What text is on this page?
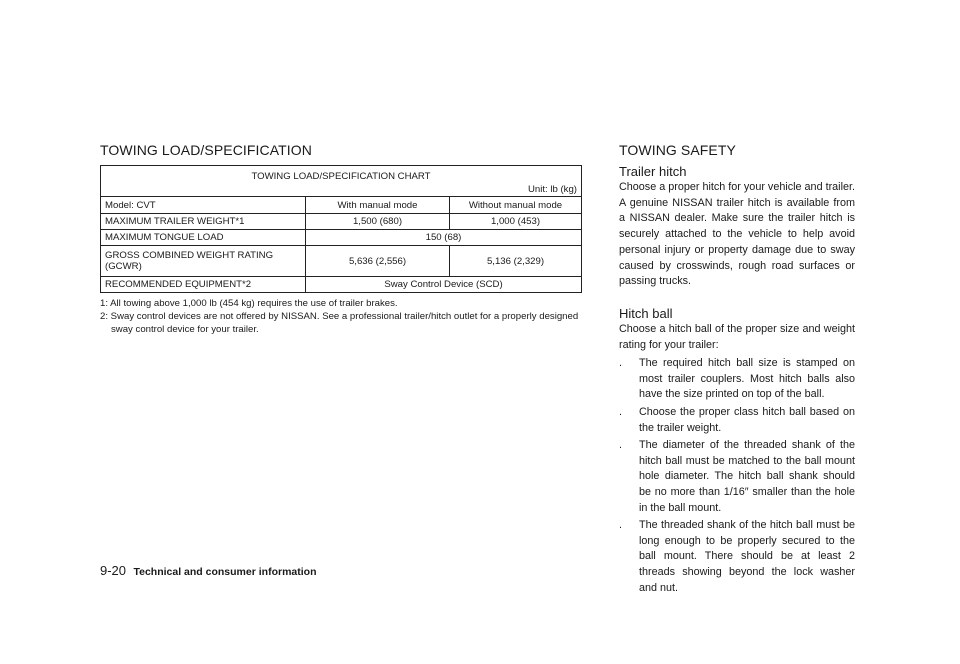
TOWING LOAD/SPECIFICATION
TOWING LOAD/SPECIFICATION CHART		
Unit: lb (kg)		
Model: CVT	With manual mode	Without manual mode
MAXIMUM TRAILER WEIGHT*1	1,500 (680)	1,000 (453)
MAXIMUM TONGUE LOAD	150 (68)	
GROSS COMBINED WEIGHT RATING
(GCWR)	5,636 (2,556)	5,136 (2,329)
RECOMMENDED EQUIPMENT*2	Sway Control Device (SCD)	

1: All towing above 1,000 lb (454 kg) requires the use of trailer brakes.

2: Sway control devices are not offered by NISSAN. See a professional trailer/hitch outlet for a properly designed sway control device for your trailer.

TOWING SAFETY
Trailer hitch

Choose a proper hitch for your vehicle and trailer. A genuine NISSAN trailer hitch is available from a NISSAN dealer. Make sure the trailer hitch is securely attached to the vehicle to help avoid personal injury or property damage due to sway caused by crosswinds, rough road surfaces or passing trucks.

Hitch ball

Choose a hitch ball of the proper size and weight rating for your trailer:

.	The required hitch ball size is stamped on most trailer couplers. Most hitch balls also have the size printed on top of the ball.
.	Choose the proper class hitch ball based on the trailer weight.
.	The diameter of the threaded shank of the hitch ball must be matched to the ball mount hole diameter. The hitch ball shank should be no more than 1/16″ smaller than the hole in the ball mount.
.	The threaded shank of the hitch ball must be long enough to be properly secured to the ball mount. There should be at least 2 threads showing beyond the lock washer and nut.
9-20 Technical and consumer information
